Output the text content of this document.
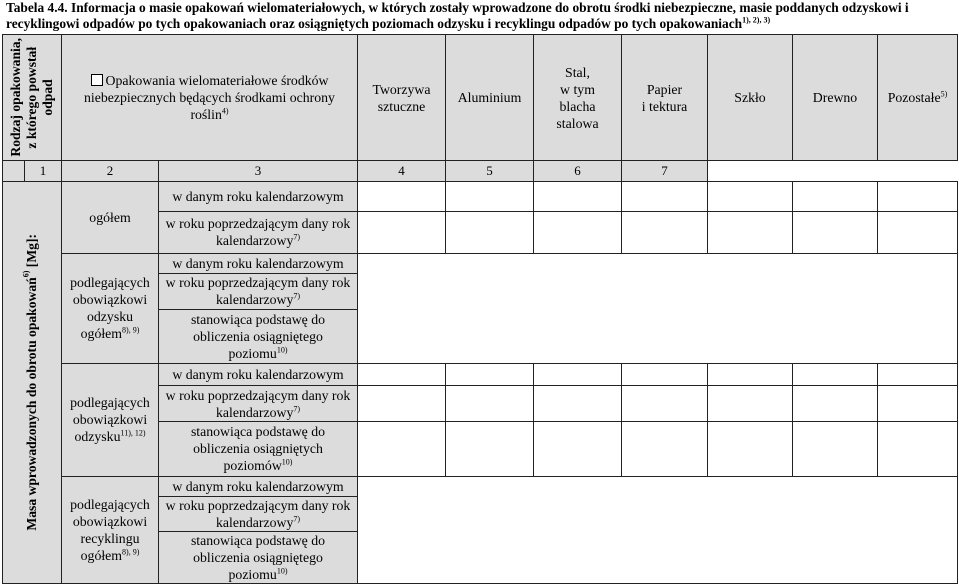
Tabela 4.4. Informacja o masie opakowań wielomateriałowych, w których zostały wprowadzone do obrotu środki niebezpieczne, masie poddanych odzyskowi i recyklingowi odpadów po tych opakowaniach oraz osiągniętych poziomach odzysku i recyklingu odpadów po tych opakowaniach$^{1), 2), 3)}$
Rodzaj opakowania,
z którego powstał
odpad		Opakowania wielomateriałowe środków niebezpiecznych będących środkami ochrony roślin$^{4)}$		Tworzywa sztuczne	Aluminium	Stal,
w tym
blacha
stalowa	Papier
i tektura	Szkło	Drewno	Pozostałe$^{5)}$
	1	2	3	4	5	6	7			

Masa wprowadzonych do obrotu opakowań$^{6)}$ [Mg]:		ogółem	w danym roku kalendarzowym							
			w roku poprzedzającym dany rok kalendarzowy$^{7)}$							
		podlegających obowiązkowi odzysku ogółem$^{8), 9)}$	w danym roku kalendarzowym							
			w roku poprzedzającym dany rok kalendarzowy$^{7)}$
			stanowiąca podstawę do obliczenia osiągniętego poziomu$^{10)}$
		podlegających obowiązkowi odzysku$^{11), 12)}$	w danym roku kalendarzowym							
			w roku poprzedzającym dany rok kalendarzowy$^{7)}$							
			stanowiąca podstawę do obliczenia osiągniętych poziomów$^{10)}$							
		podlegających obowiązkowi recyklingu ogółem$^{8), 9)}$	w danym roku kalendarzowym							
			w roku poprzedzającym dany rok kalendarzowy$^{7)}$
			stanowiąca podstawę do obliczenia osiągniętego poziomu$^{10)}$
